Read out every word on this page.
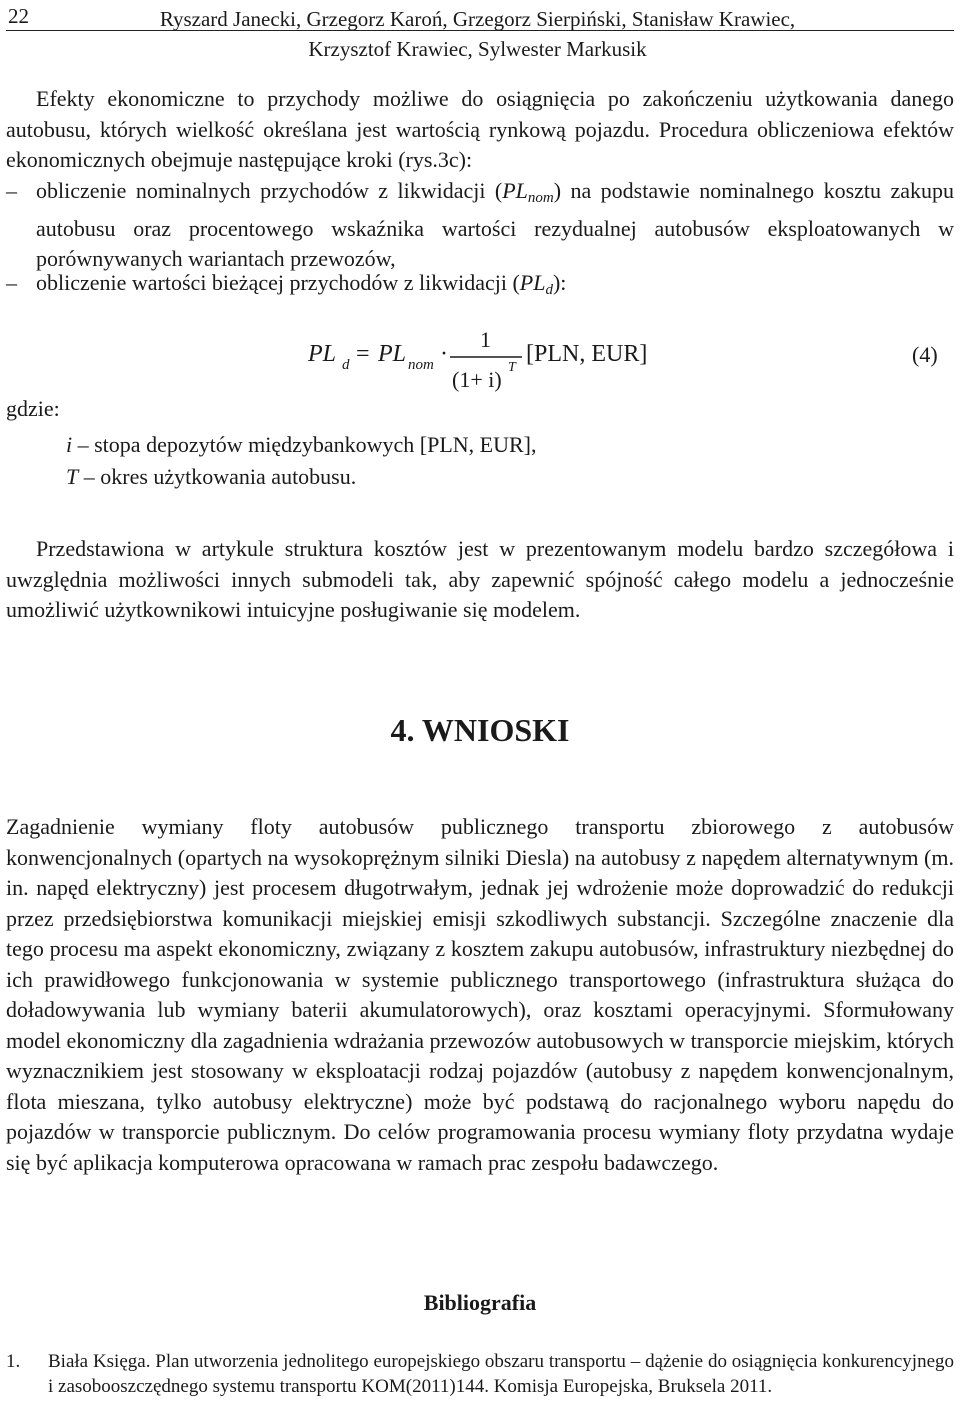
22	Ryszard Janecki, Grzegorz Karoń, Grzegorz Sierpiński, Stanisław Krawiec,
Krzysztof Krawiec, Sylwester Markusik
Efekty ekonomiczne to przychody możliwe do osiągnięcia po zakończeniu użytkowania danego autobusu, których wielkość określana jest wartością rynkową pojazdu. Procedura obliczeniowa efektów ekonomicznych obejmuje następujące kroki (rys.3c):
– obliczenie nominalnych przychodów z likwidacji $(PL_{nom})$ na podstawie nominalnego kosztu zakupu autobusu oraz procentowego wskaźnika wartości rezydualnej autobusów eksploatowanych w porównywanych wariantach przewozów,
– obliczenie wartości bieżącej przychodów z likwidacji $(PL_d)$:
PL d = PL nom ·
1
(1+ i) T
[PLN, EUR]	(4)
gdzie:
i – stopa depozytów międzybankowych [PLN, EUR],
T – okres użytkowania autobusu.
Przedstawiona w artykule struktura kosztów jest w prezentowanym modelu bardzo szczegółowa i uwzględnia możliwości innych submodeli tak, aby zapewnić spójność całego modelu a jednocześnie umożliwić użytkownikowi intuicyjne posługiwanie się modelem.
4. WNIOSKI
Zagadnienie wymiany floty autobusów publicznego transportu zbiorowego z autobusów konwencjonalnych (opartych na wysokoprężnym silniki Diesla) na autobusy z napędem alternatywnym (m. in. napęd elektryczny) jest procesem długotrwałym, jednak jej wdrożenie może doprowadzić do redukcji przez przedsiębiorstwa komunikacji miejskiej emisji szkodliwych substancji. Szczególne znaczenie dla tego procesu ma aspekt ekonomiczny, związany z kosztem zakupu autobusów, infrastruktury niezbędnej do ich prawidłowego funkcjonowania w systemie publicznego transportowego (infrastruktura służąca do doładowywania lub wymiany baterii akumulatorowych), oraz kosztami operacyjnymi. Sformułowany model ekonomiczny dla zagadnienia wdrażania przewozów autobusowych w transporcie miejskim, których wyznacznikiem jest stosowany w eksploatacji rodzaj pojazdów (autobusy z napędem konwencjonalnym, flota mieszana, tylko autobusy elektryczne) może być podstawą do racjonalnego wyboru napędu do pojazdów w transporcie publicznym. Do celów programowania procesu wymiany floty przydatna wydaje się być aplikacja komputerowa opracowana w ramach prac zespołu badawczego.
Bibliografia
1. Biała Księga. Plan utworzenia jednolitego europejskiego obszaru transportu – dążenie do osiągnięcia konkurencyjnego i zasobooszczędnego systemu transportu KOM(2011)144. Komisja Europejska, Bruksela 2011.
